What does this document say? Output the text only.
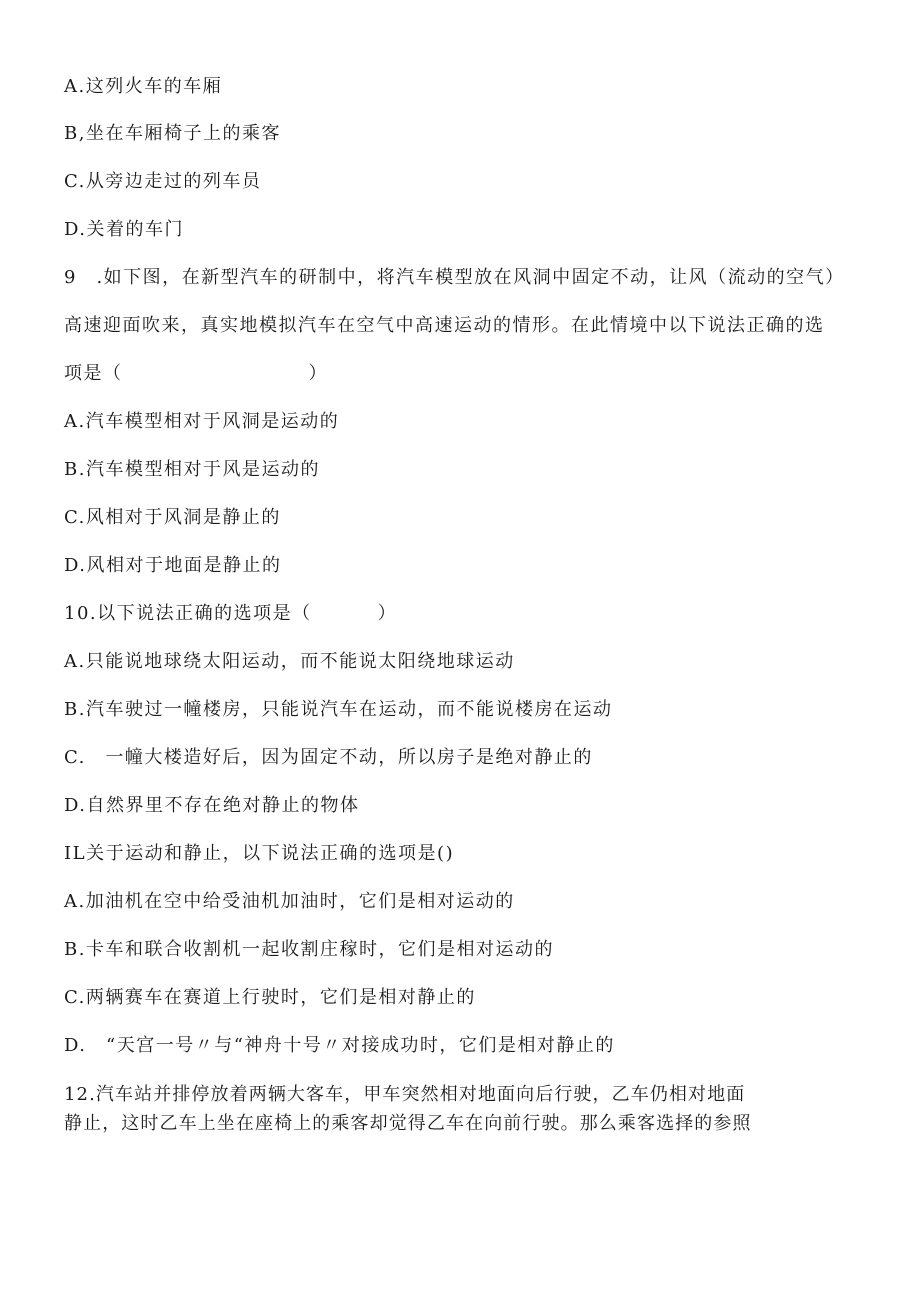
A.这列火车的车厢
B,坐在车厢椅子上的乘客
C.从旁边走过的列车员
D.关着的车门
9　.如下图，在新型汽车的研制中，将汽车模型放在风洞中固定不动，让风（流动的空气）
高速迎面吹来，真实地模拟汽车在空气中高速运动的情形。在此情境中以下说法正确的选
项是（	）
A.汽车模型相对于风洞是运动的
B.汽车模型相对于风是运动的
C.风相对于风洞是静止的
D.风相对于地面是静止的
10.以下说法正确的选项是（	）
A.只能说地球绕太阳运动，而不能说太阳绕地球运动
B.汽车驶过一幢楼房，只能说汽车在运动，而不能说楼房在运动
C.　一幢大楼造好后，因为固定不动，所以房子是绝对静止的
D.自然界里不存在绝对静止的物体
IL关于运动和静止，以下说法正确的选项是()
A.加油机在空中给受油机加油时，它们是相对运动的
B.卡车和联合收割机一起收割庄稼时，它们是相对运动的
C.两辆赛车在赛道上行驶时，它们是相对静止的
D.　“天宫一号〃与“神舟十号〃对接成功时，它们是相对静止的
12.汽车站并排停放着两辆大客车，甲车突然相对地面向后行驶，乙车仍相对地面
静止，这时乙车上坐在座椅上的乘客却觉得乙车在向前行驶。那么乘客选择的参照
